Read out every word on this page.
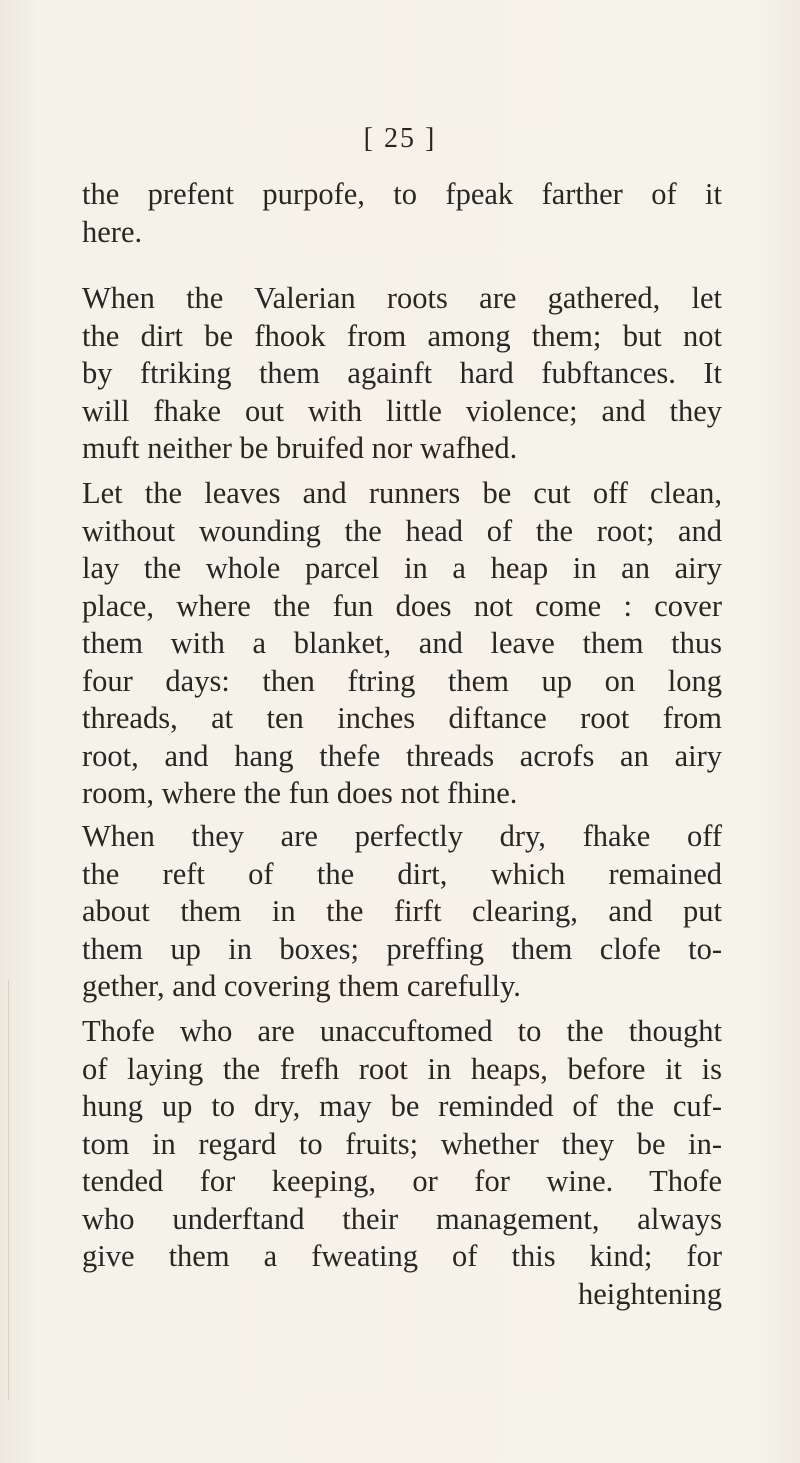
[ 25 ]
the prefent purpofe, to fpeak farther of it
here.
When the Valerian roots are gathered, let
the dirt be fhook from among them; but not
by ftriking them againft hard fubftances. It
will fhake out with little violence; and they
muft neither be bruifed nor wafhed.
Let the leaves and runners be cut off clean,
without wounding the head of the root; and
lay the whole parcel in a heap in an airy
place, where the fun does not come : cover
them with a blanket, and leave them thus
four days: then ftring them up on long
threads, at ten inches diftance root from
root, and hang thefe threads acrofs an airy
room, where the fun does not fhine.
When they are perfectly dry, fhake off
the reft of the dirt, which remained
about them in the firft clearing, and put
them up in boxes; preffing them clofe to-
gether, and covering them carefully.
Thofe who are unaccuftomed to the thought
of laying the frefh root in heaps, before it is
hung up to dry, may be reminded of the cuf-
tom in regard to fruits; whether they be in-
tended for keeping, or for wine. Thofe
who underftand their management, always
give them a fweating of this kind; for
heightening
